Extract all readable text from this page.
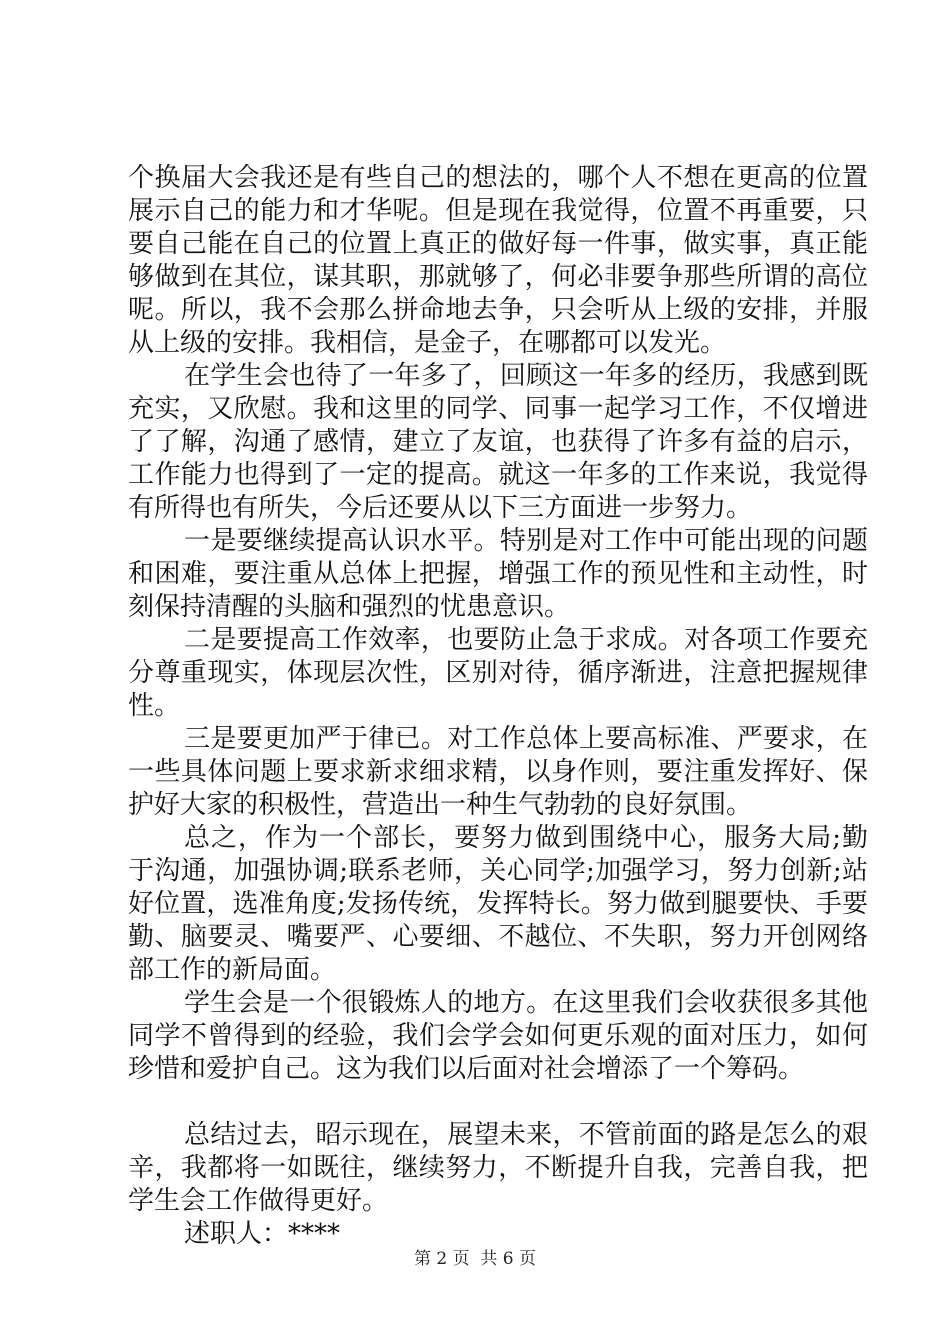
个换届大会我还是有些自己的想法的，哪个人不想在更高的位置展示自己的能力和才华呢。但是现在我觉得，位置不再重要，只要自己能在自己的位置上真正的做好每一件事，做实事，真正能够做到在其位，谋其职，那就够了，何必非要争那些所谓的高位呢。所以，我不会那么拼命地去争，只会听从上级的安排，并服从上级的安排。我相信，是金子，在哪都可以发光。

在学生会也待了一年多了，回顾这一年多的经历，我感到既充实，又欣慰。我和这里的同学、同事一起学习工作，不仅增进了了解，沟通了感情，建立了友谊，也获得了许多有益的启示，工作能力也得到了一定的提高。就这一年多的工作来说，我觉得有所得也有所失，今后还要从以下三方面进一步努力。

一是要继续提高认识水平。特别是对工作中可能出现的问题和困难，要注重从总体上把握，增强工作的预见性和主动性，时刻保持清醒的头脑和强烈的忧患意识。

二是要提高工作效率，也要防止急于求成。对各项工作要充分尊重现实，体现层次性，区别对待，循序渐进，注意把握规律性。

三是要更加严于律已。对工作总体上要高标准、严要求，在一些具体问题上要求新求细求精，以身作则，要注重发挥好、保护好大家的积极性，营造出一种生气勃勃的良好氛围。

总之，作为一个部长，要努力做到围绕中心，服务大局;勤于沟通，加强协调;联系老师，关心同学;加强学习，努力创新;站好位置，选准角度;发扬传统，发挥特长。努力做到腿要快、手要勤、脑要灵、嘴要严、心要细、不越位、不失职，努力开创网络部工作的新局面。

学生会是一个很锻炼人的地方。在这里我们会收获很多其他同学不曾得到的经验，我们会学会如何更乐观的面对压力，如何珍惜和爱护自己。这为我们以后面对社会增添了一个筹码。

总结过去，昭示现在，展望未来，不管前面的路是怎么的艰辛，我都将一如既往，继续努力，不断提升自我，完善自我，把学生会工作做得更好。

述职人：****

第 2 页  共 6 页
